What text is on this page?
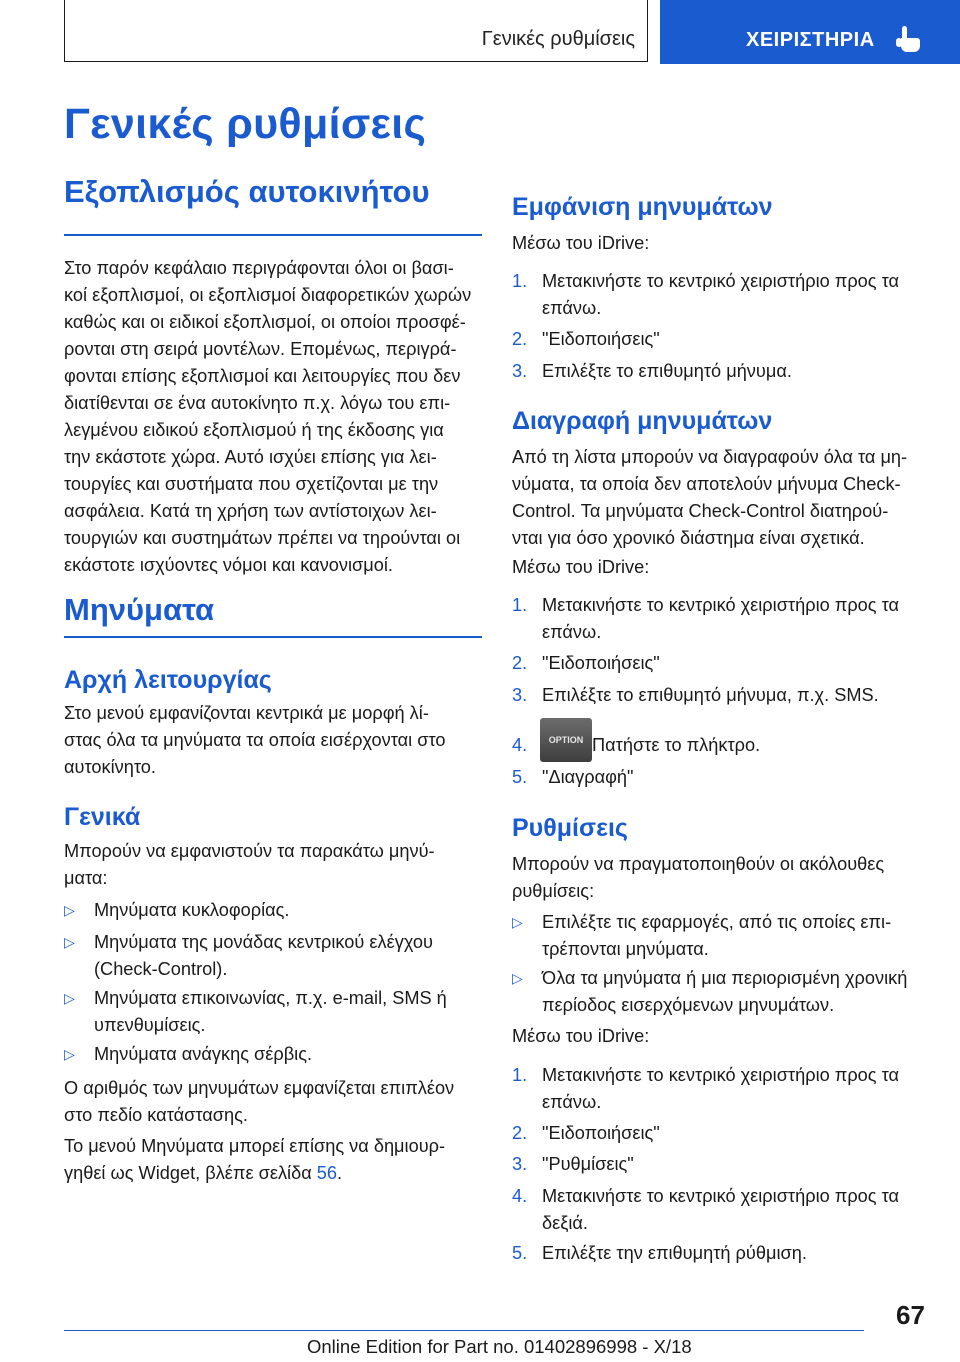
Γενικές ρυθμίσεις	ΧΕΙΡΙΣΤΗΡΙΑ
Γενικές ρυθμίσεις
Εξοπλισμός αυτοκινήτου

Στο παρόν κεφάλαιο περιγράφονται όλοι οι βασι-
κοί εξοπλισμοί, οι εξοπλισμοί διαφορετικών χωρών
καθώς και οι ειδικοί εξοπλισμοί, οι οποίοι προσφέ-
ρονται στη σειρά μοντέλων. Επομένως, περιγρά-
φονται επίσης εξοπλισμοί και λειτουργίες που δεν
διατίθενται σε ένα αυτοκίνητο π.χ. λόγω του επι-
λεγμένου ειδικού εξοπλισμού ή της έκδοσης για
την εκάστοτε χώρα. Αυτό ισχύει επίσης για λει-
τουργίες και συστήματα που σχετίζονται με την
ασφάλεια. Κατά τη χρήση των αντίστοιχων λει-
τουργιών και συστημάτων πρέπει να τηρούνται οι
εκάστοτε ισχύοντες νόμοι και κανονισμοί.

Μηνύματα
Αρχή λειτουργίας

Στο μενού εμφανίζονται κεντρικά με μορφή λί-
στας όλα τα μηνύματα τα οποία εισέρχονται στο
αυτοκίνητο.

Γενικά

Μπορούν να εμφανιστούν τα παρακάτω μηνύ-
ματα:

▷ Μηνύματα κυκλοφορίας.
▷ Μηνύματα της μονάδας κεντρικού ελέγχου
(Check-Control).
▷ Μηνύματα επικοινωνίας, π.χ. e-mail, SMS ή
υπενθυμίσεις.
▷ Μηνύματα ανάγκης σέρβις.

Ο αριθμός των μηνυμάτων εμφανίζεται επιπλέον
στο πεδίο κατάστασης.

Το μενού Μηνύματα μπορεί επίσης να δημιουρ-
γηθεί ως Widget, βλέπε σελίδα 56.

Εμφάνιση μηνυμάτων

Μέσω του iDrive:

1. Μετακινήστε το κεντρικό χειριστήριο προς τα
επάνω.
2. "Ειδοποιήσεις"
3. Επιλέξτε το επιθυμητό μήνυμα.
Διαγραφή μηνυμάτων

Από τη λίστα μπορούν να διαγραφούν όλα τα μη-
νύματα, τα οποία δεν αποτελούν μήνυμα Check-
Control. Τα μηνύματα Check-Control διατηρού-
νται για όσο χρονικό διάστημα είναι σχετικά.

Μέσω του iDrive:

1. Μετακινήστε το κεντρικό χειριστήριο προς τα
επάνω.
2. "Ειδοποιήσεις"
3. Επιλέξτε το επιθυμητό μήνυμα, π.χ. SMS.
4.	OPTION Πατήστε το πλήκτρο.
5. "Διαγραφή"
Ρυθμίσεις

Μπορούν να πραγματοποιηθούν οι ακόλουθες
ρυθμίσεις:

▷ Επιλέξτε τις εφαρμογές, από τις οποίες επι-
τρέπονται μηνύματα.
▷ Όλα τα μηνύματα ή μια περιορισμένη χρονική
περίοδος εισερχόμενων μηνυμάτων.

Μέσω του iDrive:

1. Μετακινήστε το κεντρικό χειριστήριο προς τα
επάνω.
2. "Ειδοποιήσεις"
3. "Ρυθμίσεις"
4. Μετακινήστε το κεντρικό χειριστήριο προς τα
δεξιά.
5. Επιλέξτε την επιθυμητή ρύθμιση.
67
Online Edition for Part no. 01402896998 - X/18
